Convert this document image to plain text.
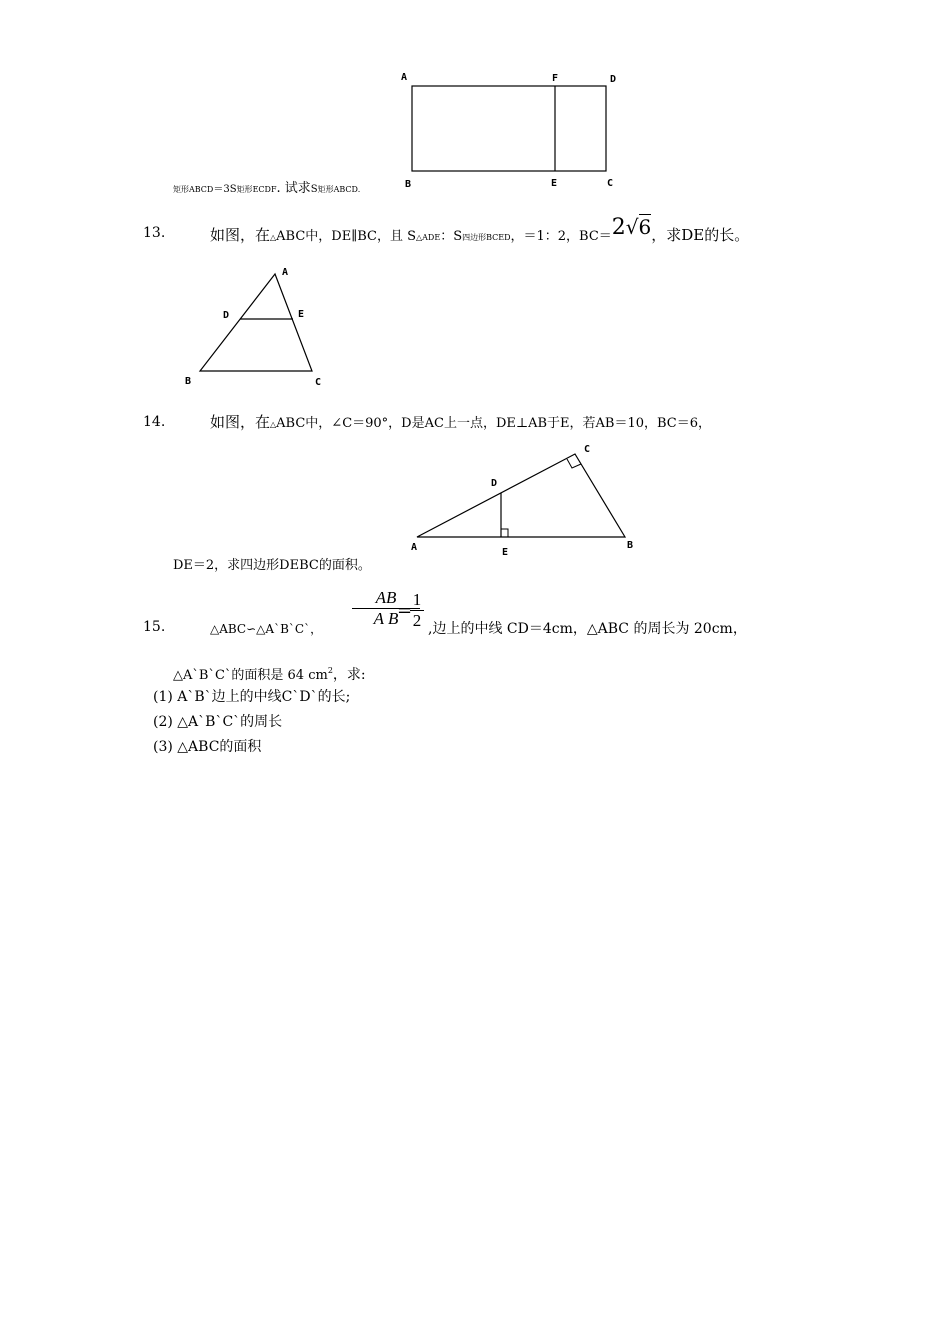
A	F	D
B	E	C
矩形ABCD＝3S矩形ECDF. 试求S矩形ABCD.
13.	如图，在△ABC中，DE∥BC，且 S△ADE：S四边形BCED，＝1：2，BC＝2√6，求DE的长。
A
D	E
B	C
14.	如图，在△ABC中，∠C＝90°，D是AC上一点，DE⊥AB于E，若AB＝10，BC＝6，
C
D
A	E
B
DE＝2，求四边形DEBC的面积。
15.	△ABC∽△A`B`C`， $\frac{AB}{\text{A B}}$
=
$\frac{1}{2}$ ,边上的中线 CD＝4cm，△ABC 的周长为 20cm，
△A`B`C`的面积是 64 $cm^2$，求:
(1) A`B`边上的中线C`D`的长;
(2) △A`B`C`的周长
(3) △ABC的面积
